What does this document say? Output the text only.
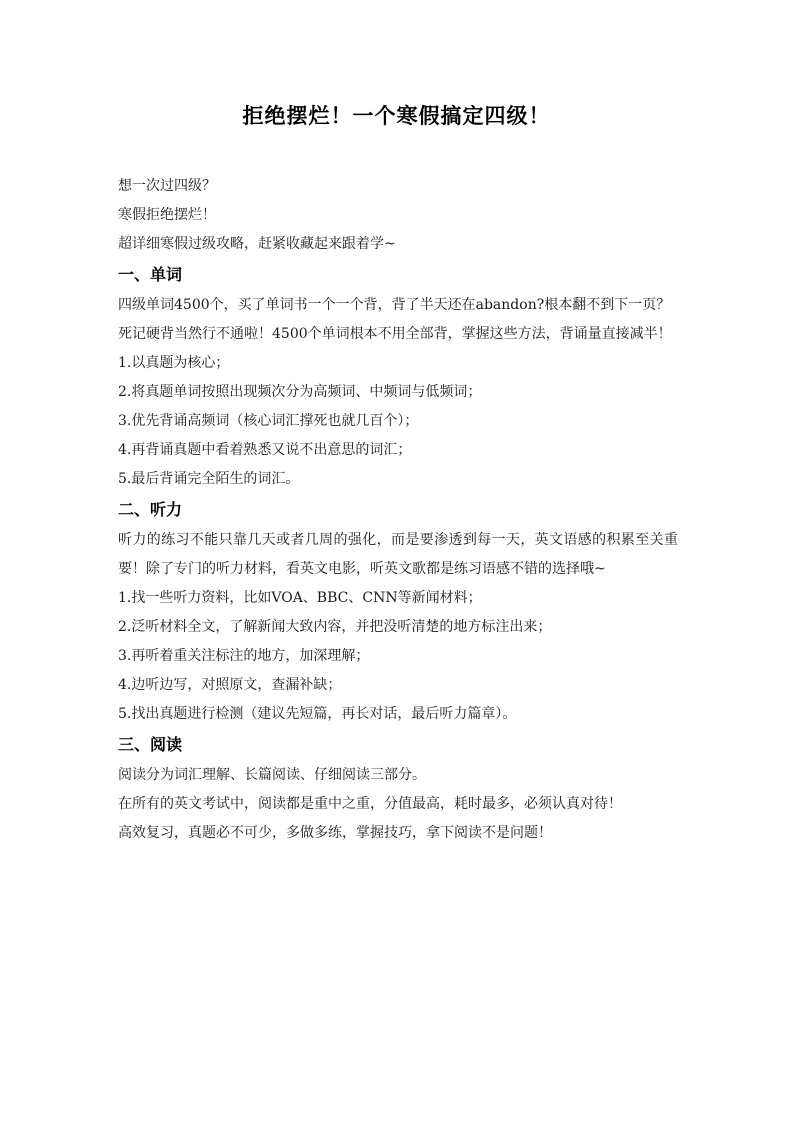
拒绝摆烂！一个寒假搞定四级！
想一次过四级？
寒假拒绝摆烂！
超详细寒假过级攻略，赶紧收藏起来跟着学~
一、单词
四级单词4500个，买了单词书一个一个背，背了半天还在abandon?根本翻不到下一页？
死记硬背当然行不通啦！4500个单词根本不用全部背，掌握这些方法，背诵量直接减半！
1.以真题为核心；
2.将真题单词按照出现频次分为高频词、中频词与低频词；
3.优先背诵高频词（核心词汇撑死也就几百个）；
4.再背诵真题中看着熟悉又说不出意思的词汇；
5.最后背诵完全陌生的词汇。
二、听力
听力的练习不能只靠几天或者几周的强化，而是要渗透到每一天，英文语感的积累至关重要！除了专门的听力材料，看英文电影，听英文歌都是练习语感不错的选择哦~
1.找一些听力资料，比如VOA、BBC、CNN等新闻材料；
2.泛听材料全文，了解新闻大致内容，并把没听清楚的地方标注出来；
3.再听着重关注标注的地方，加深理解；
4.边听边写，对照原文，查漏补缺；
5.找出真题进行检测（建议先短篇，再长对话，最后听力篇章）。
三、阅读
阅读分为词汇理解、长篇阅读、仔细阅读三部分。
在所有的英文考试中，阅读都是重中之重，分值最高，耗时最多，必须认真对待！
高效复习，真题必不可少，多做多练，掌握技巧，拿下阅读不是问题！
